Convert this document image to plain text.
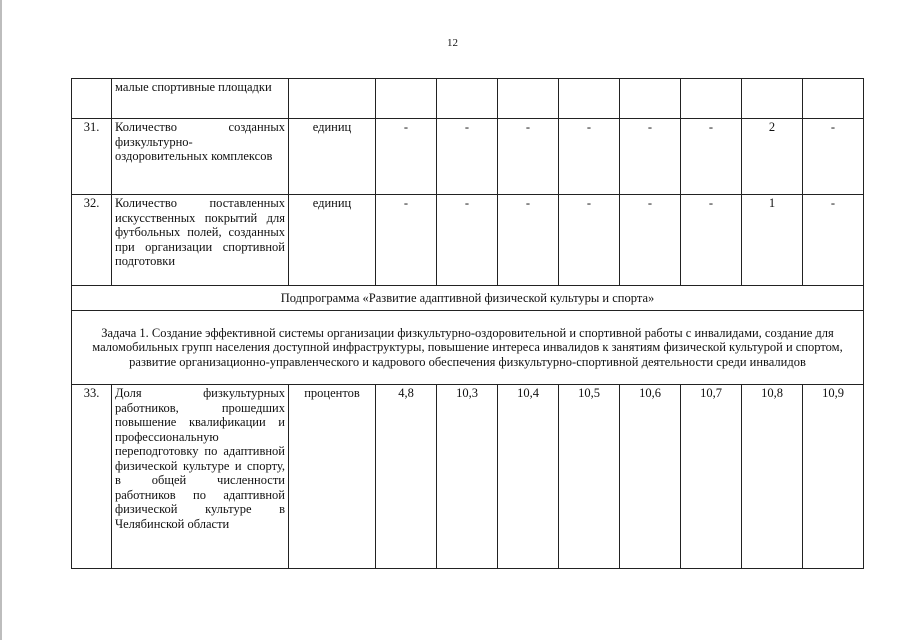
12
	малые спортивные площадки									
31.	Количество созданных физкультурно-оздоровительных комплексов	единиц	-	-	-	-	-	-	2	-
32.	Количество поставленных искусственных покрытий для футбольных полей, созданных при организации спортивной подготовки	единиц	-	-	-	-	-	-	1	-
Подпрограмма «Развитие адаптивной физической культуры и спорта»										
Задача 1. Создание эффективной системы организации физкультурно-оздоровительной и спортивной работы с инвалидами, создание для маломобильных групп населения доступной инфраструктуры, повышение интереса инвалидов к занятиям физической культурой и спортом, развитие организационно-управленческого и кадрового обеспечения физкультурно-спортивной деятельности среди инвалидов										
33.	Доля физкультурных работников, прошедших повышение квалификации и профессиональную переподготовку по адаптивной физической культуре и спорту, в общей численности работников по адаптивной физической культуре в Челябинской области	процентов	4,8	10,3	10,4	10,5	10,6	10,7	10,8	10,9
